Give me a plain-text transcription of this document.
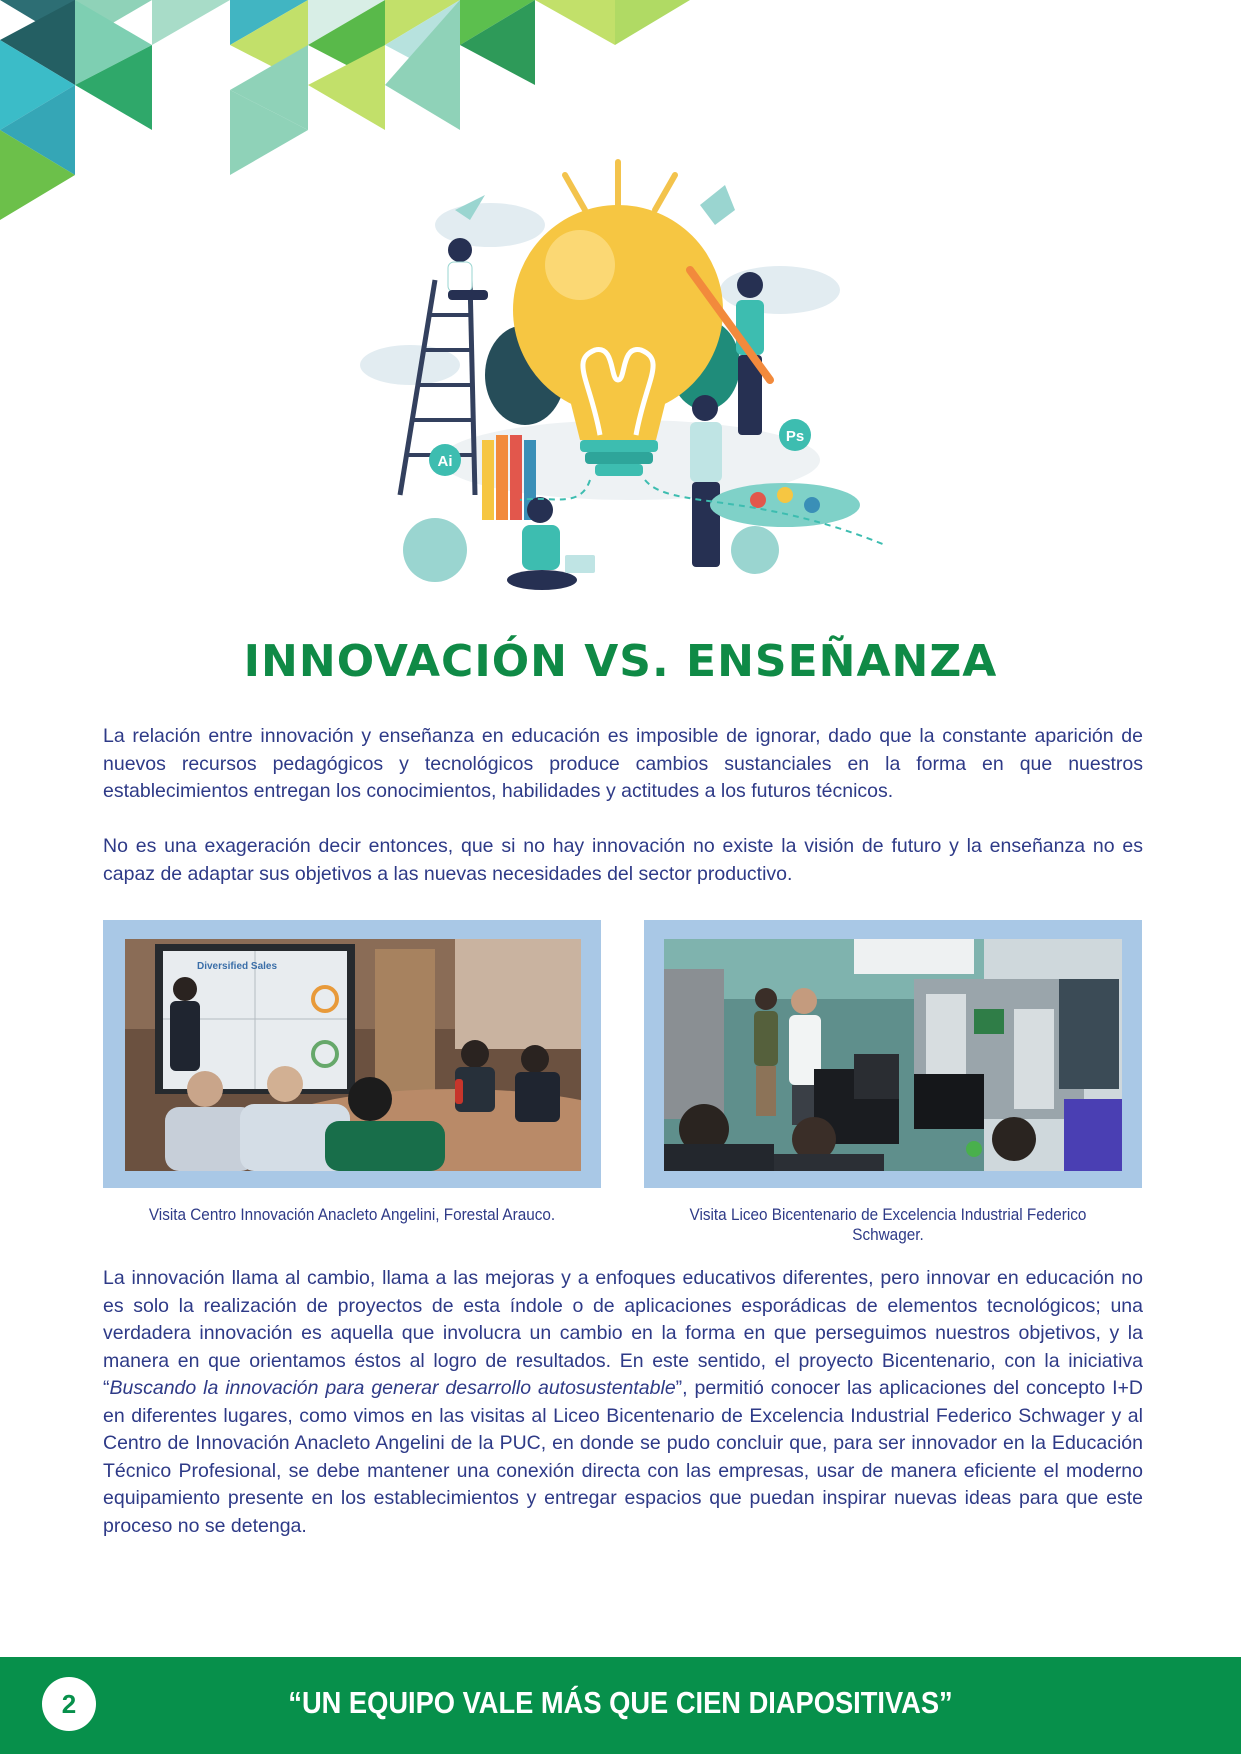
Ai
Ps
INNOVACIÓN VS. ENSEÑANZA

La relación entre innovación y enseñanza en educación es imposible de ignorar, dado que la constante aparición de nuevos recursos pedagógicos y tecnológicos produce cambios sustanciales en la forma en que nuestros establecimientos entregan los conocimientos, habilidades y actitudes a los futuros técnicos.

No es una exageración decir entonces, que si no hay innovación no existe la visión de futuro y la enseñanza no es capaz de adaptar sus objetivos a las nuevas necesidades del sector productivo.

Diversified Sales
Visita Centro Innovación Anacleto Angelini, Forestal Arauco.	Visita Liceo Bicentenario de Excelencia Industrial Federico Schwager.

La innovación llama al cambio, llama a las mejoras y a enfoques educativos diferentes, pero innovar en educación no es solo la realización de proyectos de esta índole o de aplicaciones esporádicas de elementos tecnológicos; una verdadera innovación es aquella que involucra un cambio en la forma en que perseguimos nuestros objetivos, y la manera en que orientamos éstos al logro de resultados. En este sentido, el proyecto Bicentenario, con la iniciativa “Buscando la innovación para generar desarrollo autosustentable”, permitió conocer las aplicaciones del concepto I+D en diferentes lugares, como vimos en las visitas al Liceo Bicentenario de Excelencia Industrial Federico Schwager y al Centro de Innovación Anacleto Angelini de la PUC, en donde se pudo concluir que, para ser innovador en la Educación Técnico Profesional, se debe mantener una conexión directa con las empresas, usar de manera eficiente el moderno equipamiento presente en los establecimientos y entregar espacios que puedan inspirar nuevas ideas para que este proceso no se detenga.

2	“UN EQUIPO VALE MÁS QUE CIEN DIAPOSITIVAS”
